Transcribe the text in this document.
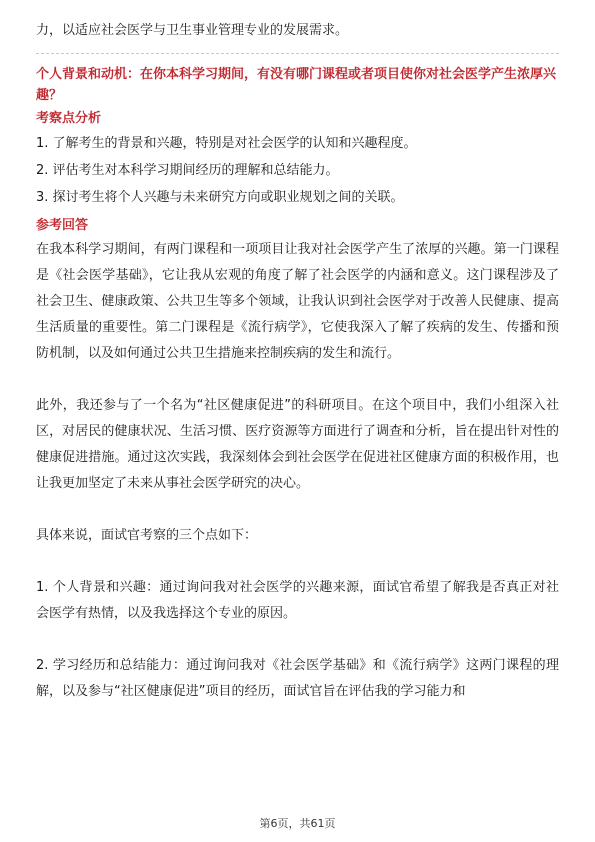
力，以适应社会医学与卫生事业管理专业的发展需求。

个人背景和动机：在你本科学习期间，有没有哪门课程或者项目使你对社会医学产生浓厚兴趣？

考察点分析

1. 了解考生的背景和兴趣，特别是对社会医学的认知和兴趣程度。

2. 评估考生对本科学习期间经历的理解和总结能力。

3. 探讨考生将个人兴趣与未来研究方向或职业规划之间的关联。

参考回答

在我本科学习期间，有两门课程和一项项目让我对社会医学产生了浓厚的兴趣。第一门课程是《社会医学基础》，它让我从宏观的角度了解了社会医学的内涵和意义。这门课程涉及了社会卫生、健康政策、公共卫生等多个领域，让我认识到社会医学对于改善人民健康、提高生活质量的重要性。第二门课程是《流行病学》，它使我深入了解了疾病的发生、传播和预防机制，以及如何通过公共卫生措施来控制疾病的发生和流行。

此外，我还参与了一个名为“社区健康促进”的科研项目。在这个项目中，我们小组深入社区，对居民的健康状况、生活习惯、医疗资源等方面进行了调查和分析，旨在提出针对性的健康促进措施。通过这次实践，我深刻体会到社会医学在促进社区健康方面的积极作用，也让我更加坚定了未来从事社会医学研究的决心。

具体来说，面试官考察的三个点如下：

1. 个人背景和兴趣：通过询问我对社会医学的兴趣来源，面试官希望了解我是否真正对社会医学有热情，以及我选择这个专业的原因。

2. 学习经历和总结能力：通过询问我对《社会医学基础》和《流行病学》这两门课程的理解，以及参与“社区健康促进”项目的经历，面试官旨在评估我的学习能力和

第6页，共61页
